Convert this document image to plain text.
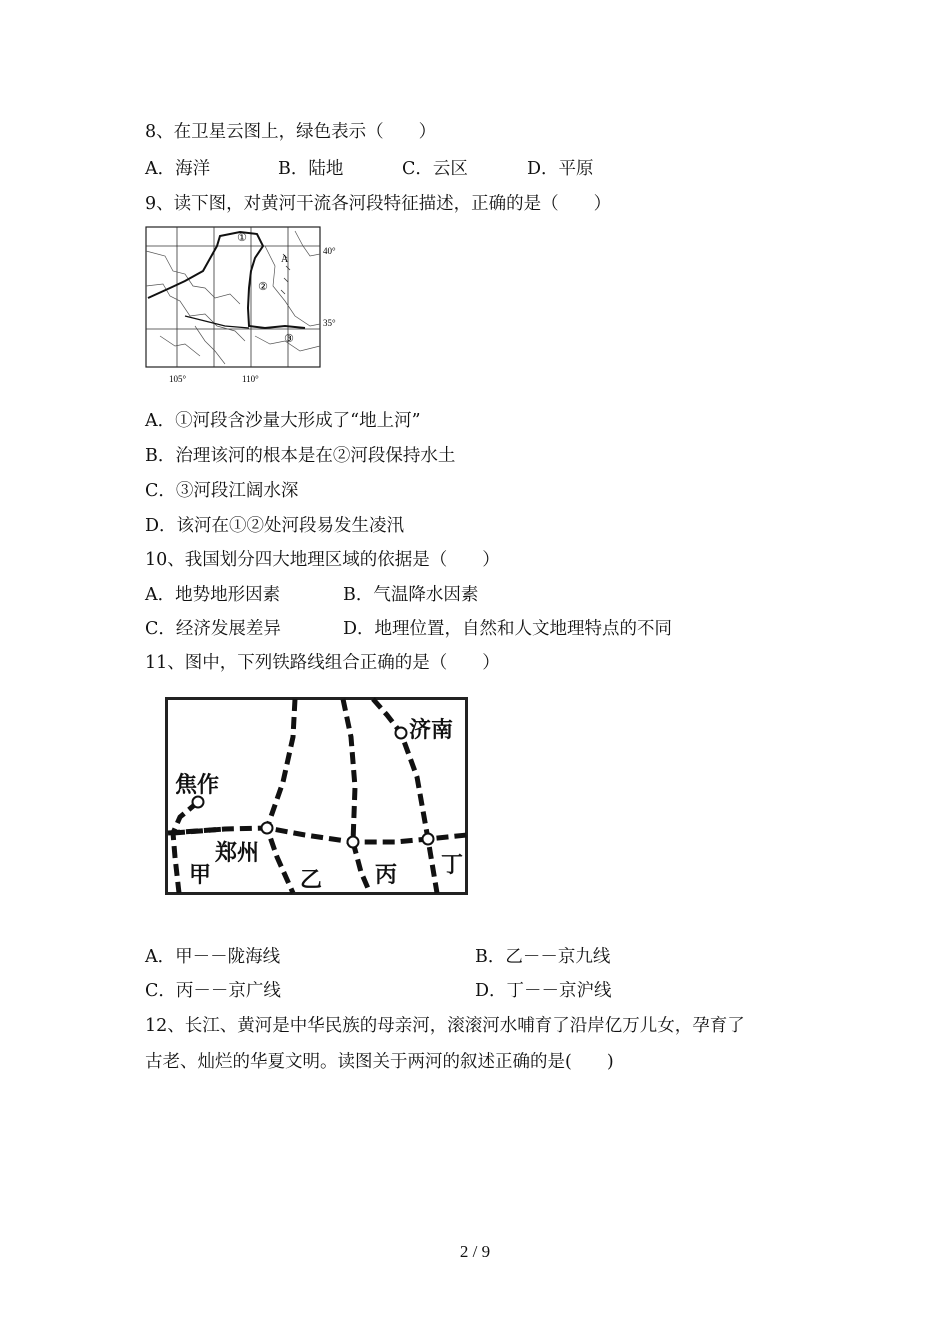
8、在卫星云图上，绿色表示（　　）
A．海洋	B．陆地	C．云区	D．平原
9、读下图，对黄河干流各河段特征描述，正确的是（　　）
①
②
③
A
40°
35°
105°	110°
A．①河段含沙量大形成了“地上河”
B．治理该河的根本是在②河段保持水土
C．③河段江阔水深
D．该河在①②处河段易发生凌汛
10、我国划分四大地理区域的依据是（　　）
A．地势地形因素	B．气温降水因素
C．经济发展差异	D．地理位置，自然和人文地理特点的不同
11、图中，下列铁路线组合正确的是（　　）
济南
焦作
郑州
甲	乙 丙 丁
A．甲－－陇海线	B．乙－－京九线
C．丙－－京广线	D．丁－－京沪线
12、长江、黄河是中华民族的母亲河，滚滚河水哺育了沿岸亿万儿女，孕育了
古老、灿烂的华夏文明。读图关于两河的叙述正确的是(　　)
2 / 9
